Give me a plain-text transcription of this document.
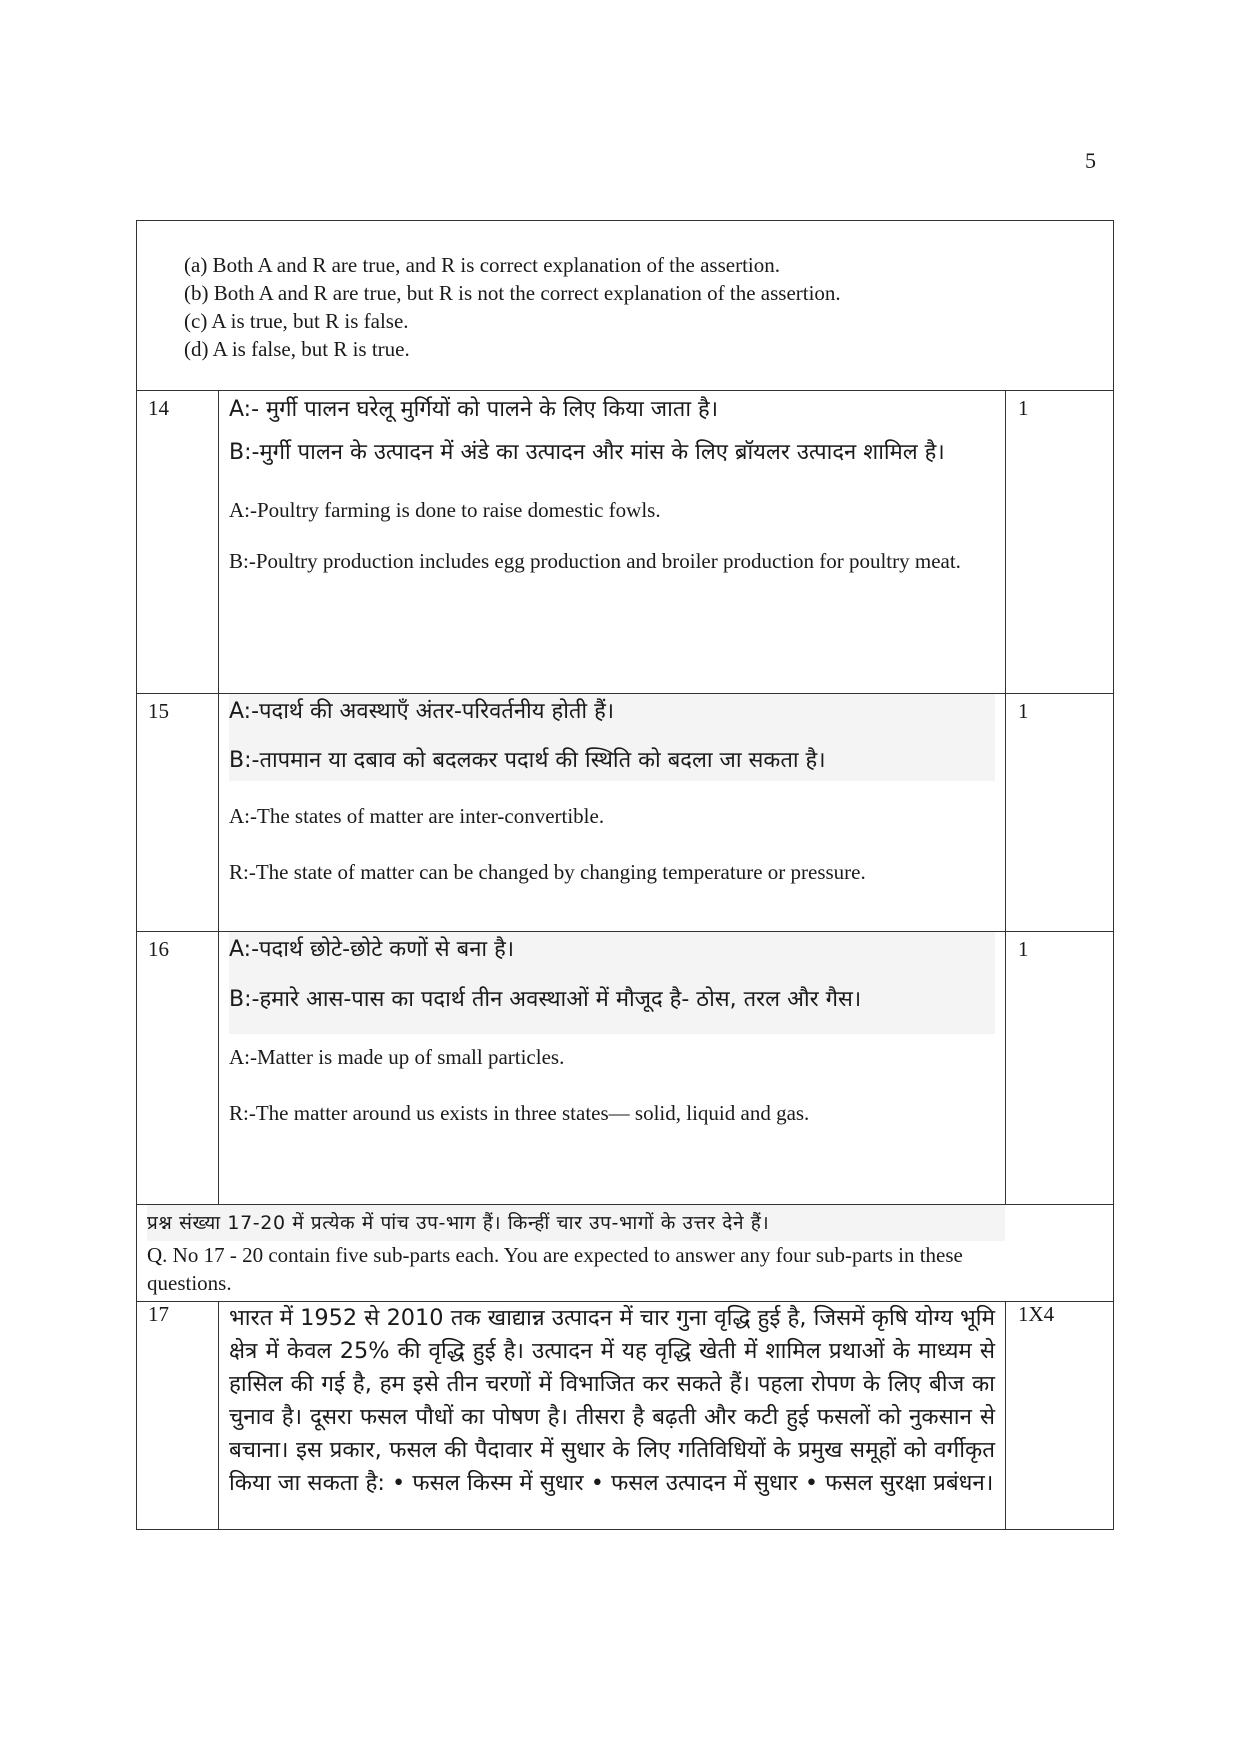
5
(a) Both A and R are true, and R is correct explanation of the assertion.
(b) Both A and R are true, but R is not the correct explanation of the assertion.
(c) A is true, but R is false.
(d) A is false, but R is true.		

14	A:- मुर्गी पालन घरेलू मुर्गियों को पालने के लिए किया जाता है।
B:-मुर्गी पालन के उत्पादन में अंडे का उत्पादन और मांस के लिए ब्रॉयलर उत्पादन शामिल है।
A:-Poultry farming is done to raise domestic fowls.
B:-Poultry production includes egg production and broiler production for poultry meat.	1
15	A:-पदार्थ की अवस्थाएँ अंतर-परिवर्तनीय होती हैं।
B:-तापमान या दबाव को बदलकर पदार्थ की स्थिति को बदला जा सकता है।
A:-The states of matter are inter-convertible.
R:-The state of matter can be changed by changing temperature or pressure.	1
16	A:-पदार्थ छोटे-छोटे कणों से बना है।
B:-हमारे आस-पास का पदार्थ तीन अवस्थाओं में मौजूद है- ठोस, तरल और गैस।
A:-Matter is made up of small particles.
R:-The matter around us exists in three states— solid, liquid and gas.	1

प्रश्न संख्या 17-20 में प्रत्येक में पांच उप-भाग हैं। किन्हीं चार उप-भागों के उत्तर देने हैं।
Q. No 17 - 20 contain five sub-parts each. You are expected to answer any four sub-parts in these questions.		

17	भारत में 1952 से 2010 तक खाद्यान्न उत्पादन में चार गुना वृद्धि हुई है, जिसमें कृषि योग्य भूमि क्षेत्र में केवल 25% की वृद्धि हुई है। उत्पादन में यह वृद्धि खेती में शामिल प्रथाओं के माध्यम से हासिल की गई है, हम इसे तीन चरणों में विभाजित कर सकते हैं। पहला रोपण के लिए बीज का चुनाव है। दूसरा फसल पौधों का पोषण है। तीसरा है बढ़ती और कटी हुई फसलों को नुकसान से बचाना। इस प्रकार, फसल की पैदावार में सुधार के लिए गतिविधियों के प्रमुख समूहों को वर्गीकृत किया जा सकता है: • फसल किस्म में सुधार • फसल उत्पादन में सुधार • फसल सुरक्षा प्रबंधन।	1X4
